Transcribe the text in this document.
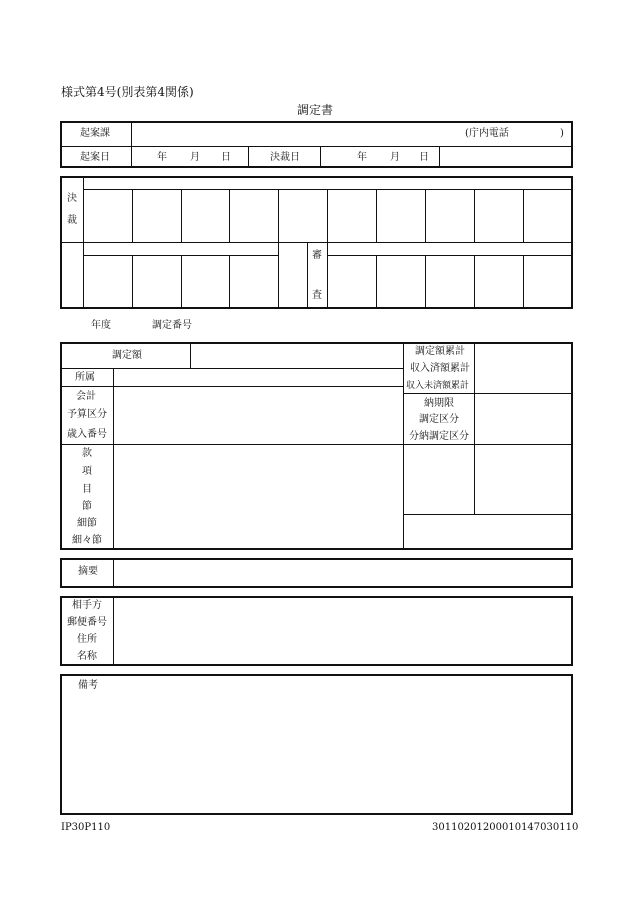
様式第4号(別表第4関係)
調定書
起案課	(庁内電話	)
起案日	年 月 日	決裁日	年 月 日
決
裁
審
査
年度	調定番号
調定額	調定額累計
収入済額累計
収入未済額累計
所属
会計
予算区分
歳入番号
納期限
調定区分
分納調定区分
款
項
目
節
細節
細々節
摘要
相手方
郵便番号
住所
名称
備考
IP30P110	30110201200010147030110
